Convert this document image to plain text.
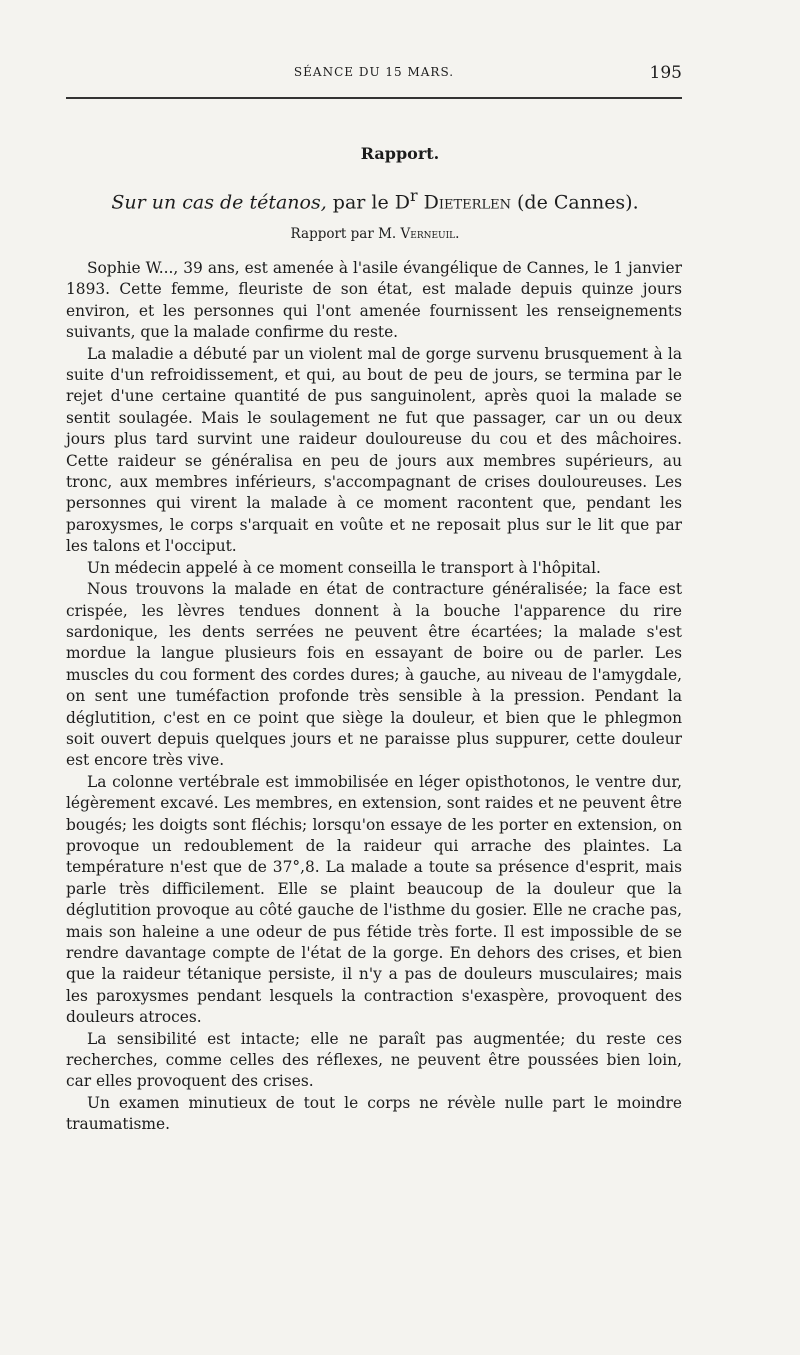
SÉANCE DU 15 MARS.	195
Rapport.
Sur un cas de tétanos, par le $D^r$ Dieterlen (de Cannes).
Rapport par M. Verneuil.

Sophie W..., 39 ans, est amenée à l'asile évangélique de Cannes, le 1 janvier 1893. Cette femme, fleuriste de son état, est malade depuis quinze jours environ, et les personnes qui l'ont amenée fournissent les renseignements suivants, que la malade confirme du reste.

La maladie a débuté par un violent mal de gorge survenu brusquement à la suite d'un refroidissement, et qui, au bout de peu de jours, se termina par le rejet d'une certaine quantité de pus sanguinolent, après quoi la malade se sentit soulagée. Mais le soulagement ne fut que passager, car un ou deux jours plus tard survint une raideur douloureuse du cou et des mâchoires. Cette raideur se généralisa en peu de jours aux membres supérieurs, au tronc, aux membres inférieurs, s'accompagnant de crises douloureuses. Les personnes qui virent la malade à ce moment racontent que, pendant les paroxysmes, le corps s'arquait en voûte et ne reposait plus sur le lit que par les talons et l'occiput.

Un médecin appelé à ce moment conseilla le transport à l'hôpital.

Nous trouvons la malade en état de contracture généralisée; la face est crispée, les lèvres tendues donnent à la bouche l'apparence du rire sardonique, les dents serrées ne peuvent être écartées; la malade s'est mordue la langue plusieurs fois en essayant de boire ou de parler. Les muscles du cou forment des cordes dures; à gauche, au niveau de l'amygdale, on sent une tuméfaction profonde très sensible à la pression. Pendant la déglutition, c'est en ce point que siège la douleur, et bien que le phlegmon soit ouvert depuis quelques jours et ne paraisse plus suppurer, cette douleur est encore très vive.

La colonne vertébrale est immobilisée en léger opisthotonos, le ventre dur, légèrement excavé. Les membres, en extension, sont raides et ne peuvent être bougés; les doigts sont fléchis; lorsqu'on essaye de les porter en extension, on provoque un redoublement de la raideur qui arrache des plaintes. La température n'est que de 37°,8. La malade a toute sa présence d'esprit, mais parle très difficilement. Elle se plaint beaucoup de la douleur que la déglutition provoque au côté gauche de l'isthme du gosier. Elle ne crache pas, mais son haleine a une odeur de pus fétide très forte. Il est impossible de se rendre davantage compte de l'état de la gorge. En dehors des crises, et bien que la raideur tétanique persiste, il n'y a pas de douleurs musculaires; mais les paroxysmes pendant lesquels la contraction s'exaspère, provoquent des douleurs atroces.

La sensibilité est intacte; elle ne paraît pas augmentée; du reste ces recherches, comme celles des réflexes, ne peuvent être poussées bien loin, car elles provoquent des crises.

Un examen minutieux de tout le corps ne révèle nulle part le moindre traumatisme.
